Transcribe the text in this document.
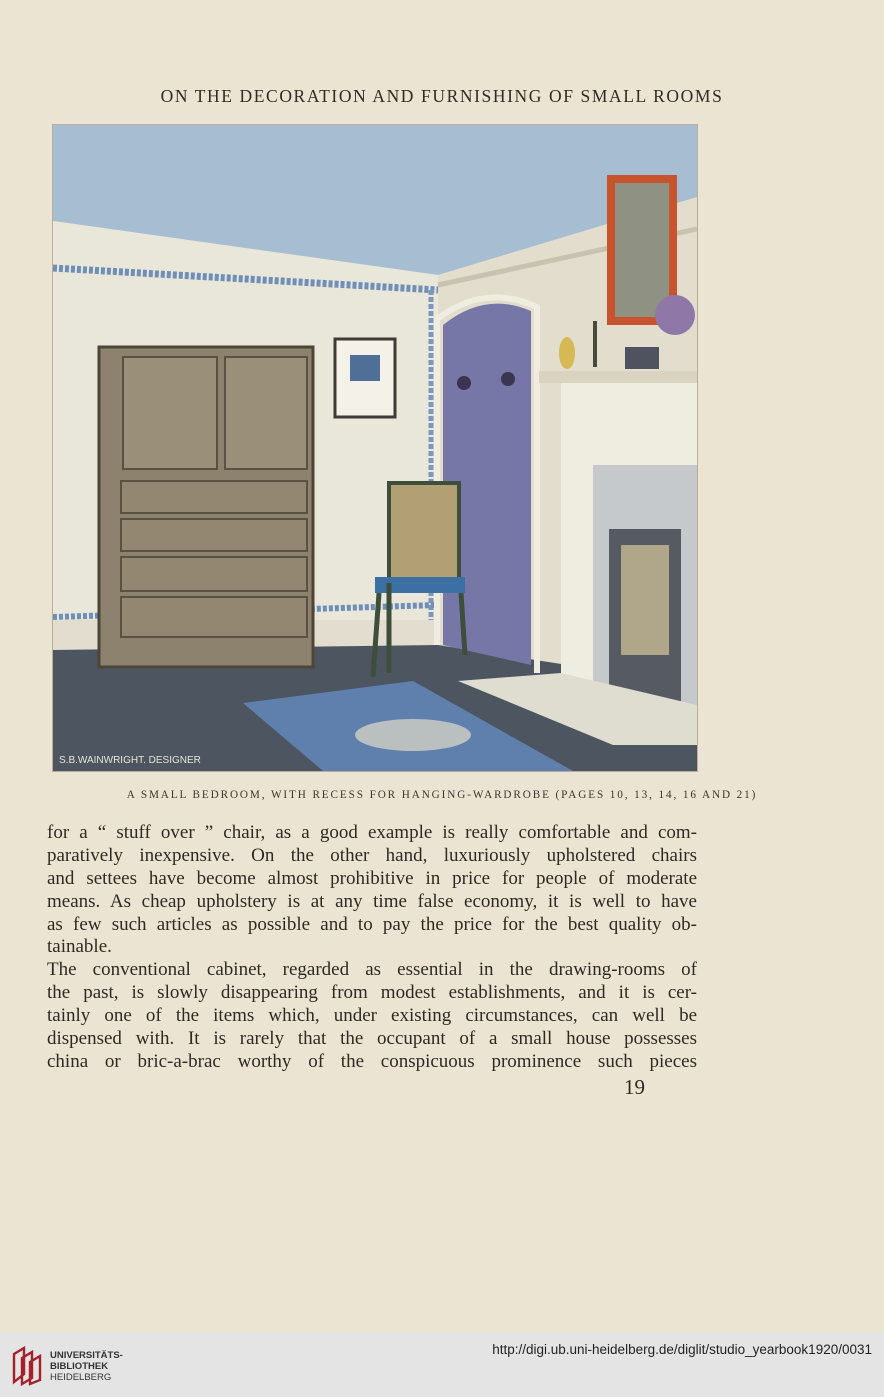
ON THE DECORATION AND FURNISHING OF SMALL ROOMS
S.B.WAINWRIGHT. DESIGNER
A SMALL BEDROOM, WITH RECESS FOR HANGING-WARDROBE (PAGES 10, 13, 14, 16 AND 21)
for a “ stuff over ” chair, as a good example is really comfortable and com-
paratively inexpensive. On the other hand, luxuriously upholstered chairs
and settees have become almost prohibitive in price for people of moderate
means. As cheap upholstery is at any time false economy, it is well to have
as few such articles as possible and to pay the price for the best quality ob-
tainable.
The conventional cabinet, regarded as essential in the drawing-rooms of
the past, is slowly disappearing from modest establishments, and it is cer-
tainly one of the items which, under existing circumstances, can well be
dispensed with. It is rarely that the occupant of a small house possesses
china or bric-a-brac worthy of the conspicuous prominence such pieces
19
UNIVERSITÄTS-
BIBLIOTHEK
HEIDELBERG
http://digi.ub.uni-heidelberg.de/diglit/studio_yearbook1920/0031
